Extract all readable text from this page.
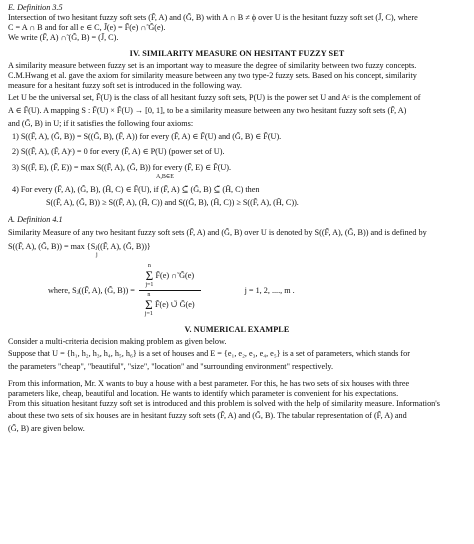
E. Definition 3.5
Intersection of two hesitant fuzzy soft sets (F̃, A) and (G̃, B) with A ∩ B ≠ ϕ over U is the hesitant fuzzy soft set (J̃, C), where
C = A ∩ B and for all e ∈ C, J̃(e) = F̃(e) ∩̃ G̃(e).
We write (F̃, A) ∩̃ (G̃, B) = (J̃, C).
IV. SIMILARITY MEASURE ON HESITANT FUZZY SET
A similarity measure between fuzzy set is an important way to measure the degree of similarity between two fuzzy concepts.
C.M.Hwang et al. gave the axiom for similarity measure between any two type-2 fuzzy sets. Based on his concept, similarity
measure for a hesitant fuzzy soft set is introduced in the following way.
Let U be the universal set, F̃(U) is the class of all hesitant fuzzy soft sets, P(U) is the power set U and Aᶜ is the complement of
A ∈ F̃(U). A mapping S : F̃(U) × F̃(U) → [0, 1], to be a similarity measure between any two hesitant fuzzy soft sets (F̃, A)
and (G̃, B) in U; if it satisfies the following four axioms:
1) S((F̃, A), (G̃, B)) = S((G̃, B), (F̃, A)) for every (F̃, A) ∈ F̃(U) and (G̃, B) ∈ F̃(U).
2) S((F̃, A), (F̃, A)ᶜ) = 0 for every (F̃, A) ∈ P(U) (power set of U).
3) S((F̃, E), (F̃, E)) = max S((F̃, A), (G̃, B)) for every (F̃, E) ∈ F̃(U).
A,B∈E
4) For every (F̃, A), (G̃, B), (H̃, C) ∈ F̃(U), if (F̃, A) ⊆̃ (G̃, B) ⊆̃ (H̃, C) then
S((F̃, A), (G̃, B)) ≥ S((F̃, A), (H̃, C)) and S((G̃, B), (H̃, C)) ≥ S((F̃, A), (H̃, C)).
A. Definition 4.1
Similarity Measure of any two hesitant fuzzy soft sets (F̃, A) and (G̃, B) over U is denoted by S((F̃, A), (G̃, B)) and is defined by
S((F̃, A), (G̃, B)) = max {Sⱼ((F̃, A), (G̃, B))}
j
where, Sⱼ((F̃, A), (G̃, B)) = n
Σ
j=1
F̃(e) ∩̃ G̃(e)
n
Σ
j=1
F̃(e) ∪̃ G̃(e)	j = 1, 2, ...., m .
V. NUMERICAL EXAMPLE
Consider a multi-criteria decision making problem as given below.
Suppose that U = {h₁, h₂, h₃, h₄, h₅, h₆} is a set of houses and E = {e₁, e₂, e₃, e₄, e₅} is a set of parameters, which stands for
the parameters "cheap", "beautiful", "size", "location" and "surrounding environment" respectively.
From this information, Mr. X wants to buy a house with a best parameter. For this, he has two sets of six houses with three
parameters like, cheap, beautiful and location. He wants to identify which parameter is convenient for his expectations.
From this situation hesitant fuzzy soft set is introduced and this problem is solved with the help of similarity measure. Information's
about these two sets of six houses are in hesitant fuzzy soft sets (F̃, A) and (G̃, B). The tabular representation of (F̃, A) and
(G̃, B) are given below.
